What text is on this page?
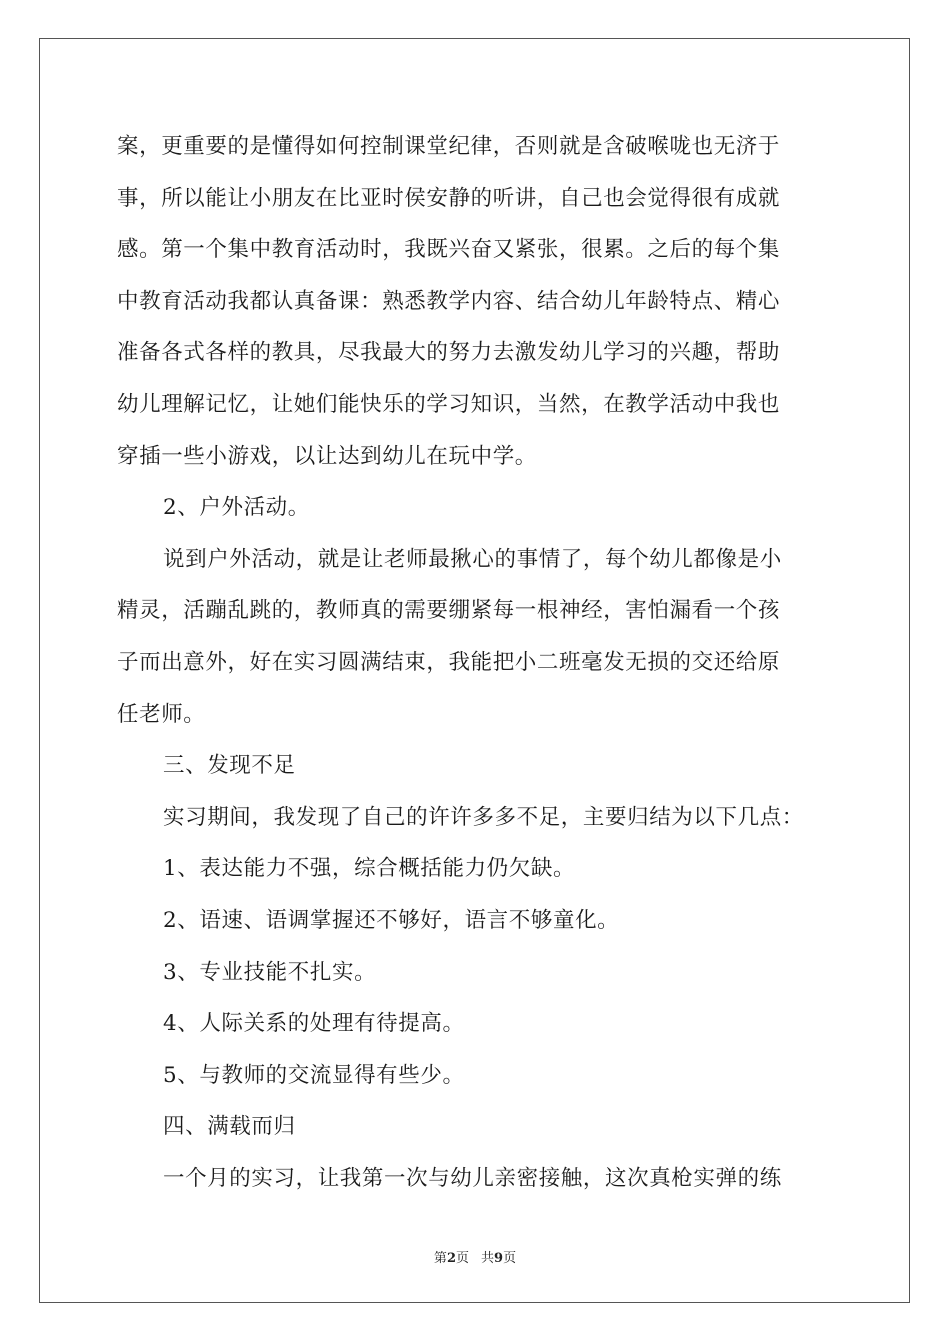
案，更重要的是懂得如何控制课堂纪律，否则就是含破喉咙也无济于
事，所以能让小朋友在比亚时侯安静的听讲，自己也会觉得很有成就
感。第一个集中教育活动时，我既兴奋又紧张，很累。之后的每个集
中教育活动我都认真备课：熟悉教学内容、结合幼儿年龄特点、精心
准备各式各样的教具，尽我最大的努力去激发幼儿学习的兴趣，帮助
幼儿理解记忆，让她们能快乐的学习知识，当然，在教学活动中我也
穿插一些小游戏，以让达到幼儿在玩中学。
2、户外活动。
说到户外活动，就是让老师最揪心的事情了，每个幼儿都像是小
精灵，活蹦乱跳的，教师真的需要绷紧每一根神经，害怕漏看一个孩
子而出意外，好在实习圆满结束，我能把小二班毫发无损的交还给原
任老师。
三、发现不足
实习期间，我发现了自己的许许多多不足，主要归结为以下几点：
1、表达能力不强，综合概括能力仍欠缺。
2、语速、语调掌握还不够好，语言不够童化。
3、专业技能不扎实。
4、人际关系的处理有待提高。
5、与教师的交流显得有些少。
四、满载而归
一个月的实习，让我第一次与幼儿亲密接触，这次真枪实弹的练
第2页 共9页
